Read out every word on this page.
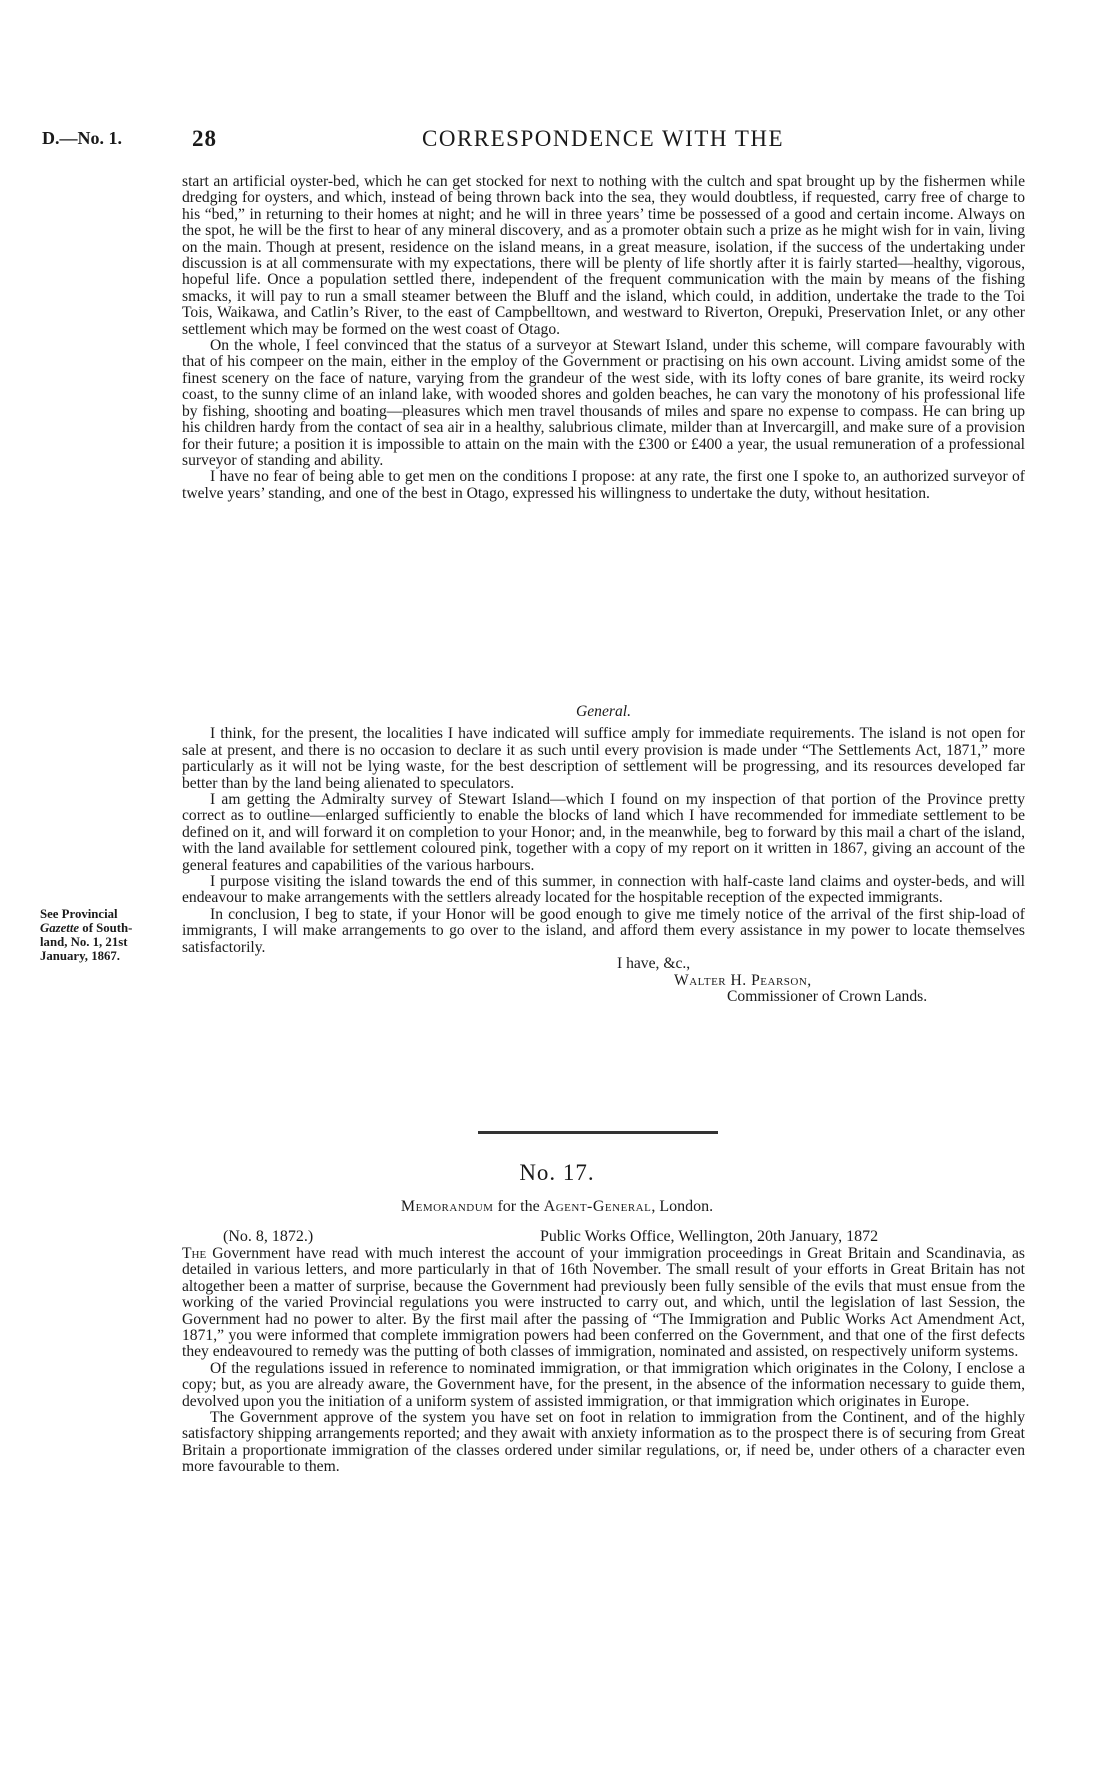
D.—No. 1.	28	CORRESPONDENCE WITH THE

start an artificial oyster-bed, which he can get stocked for next to nothing with the cultch and spat brought up by the fishermen while dredging for oysters, and which, instead of being thrown back into the sea, they would doubtless, if requested, carry free of charge to his “bed,” in returning to their homes at night; and he will in three years’ time be possessed of a good and certain income. Always on the spot, he will be the first to hear of any mineral discovery, and as a promoter obtain such a prize as he might wish for in vain, living on the main. Though at present, residence on the island means, in a great measure, isolation, if the success of the undertaking under discussion is at all commensurate with my expectations, there will be plenty of life shortly after it is fairly started—healthy, vigorous, hopeful life. Once a population settled there, independent of the frequent communication with the main by means of the fishing smacks, it will pay to run a small steamer between the Bluff and the island, which could, in addition, undertake the trade to the Toi Tois, Waikawa, and Catlin’s River, to the east of Campbelltown, and westward to Riverton, Orepuki, Preservation Inlet, or any other settlement which may be formed on the west coast of Otago.

On the whole, I feel convinced that the status of a surveyor at Stewart Island, under this scheme, will compare favourably with that of his compeer on the main, either in the employ of the Government or practising on his own account. Living amidst some of the finest scenery on the face of nature, varying from the grandeur of the west side, with its lofty cones of bare granite, its weird rocky coast, to the sunny clime of an inland lake, with wooded shores and golden beaches, he can vary the monotony of his professional life by fishing, shooting and boating—pleasures which men travel thousands of miles and spare no expense to compass. He can bring up his children hardy from the contact of sea air in a healthy, salubrious climate, milder than at Invercargill, and make sure of a provision for their future; a position it is impossible to attain on the main with the £300 or £400 a year, the usual remuneration of a professional surveyor of standing and ability.

I have no fear of being able to get men on the conditions I propose: at any rate, the first one I spoke to, an authorized surveyor of twelve years’ standing, and one of the best in Otago, expressed his willingness to undertake the duty, without hesitation.

General.

I think, for the present, the localities I have indicated will suffice amply for immediate requirements. The island is not open for sale at present, and there is no occasion to declare it as such until every provision is made under “The Settlements Act, 1871,” more particularly as it will not be lying waste, for the best description of settlement will be progressing, and its resources developed far better than by the land being alienated to speculators.

I am getting the Admiralty survey of Stewart Island—which I found on my inspection of that portion of the Province pretty correct as to outline—enlarged sufficiently to enable the blocks of land which I have recommended for immediate settlement to be defined on it, and will forward it on completion to your Honor; and, in the meanwhile, beg to forward by this mail a chart of the island, with the land available for settlement coloured pink, together with a copy of my report on it written in 1867, giving an account of the general features and capabilities of the various harbours.

I purpose visiting the island towards the end of this summer, in connection with half-caste land claims and oyster-beds, and will endeavour to make arrangements with the settlers already located for the hospitable reception of the expected immigrants.

In conclusion, I beg to state, if your Honor will be good enough to give me timely notice of the arrival of the first ship-load of immigrants, I will make arrangements to go over to the island, and afford them every assistance in my power to locate themselves satisfactorily.

I have, &c.,
Walter H. Pearson,
Commissioner of Crown Lands.
See Provincial
Gazette of South-
land, No. 1, 21st
January, 1867.
No. 17.
Memorandum for the Agent-General, London.
(No. 8, 1872.)	Public Works Office, Wellington, 20th January, 1872

The Government have read with much interest the account of your immigration proceedings in Great Britain and Scandinavia, as detailed in various letters, and more particularly in that of 16th November. The small result of your efforts in Great Britain has not altogether been a matter of surprise, because the Government had previously been fully sensible of the evils that must ensue from the working of the varied Provincial regulations you were instructed to carry out, and which, until the legislation of last Session, the Government had no power to alter. By the first mail after the passing of “The Immigration and Public Works Act Amendment Act, 1871,” you were informed that complete immigration powers had been conferred on the Government, and that one of the first defects they endeavoured to remedy was the putting of both classes of immigration, nominated and assisted, on respectively uniform systems.

Of the regulations issued in reference to nominated immigration, or that immigration which originates in the Colony, I enclose a copy; but, as you are already aware, the Government have, for the present, in the absence of the information necessary to guide them, devolved upon you the initiation of a uniform system of assisted immigration, or that immigration which originates in Europe.

The Government approve of the system you have set on foot in relation to immigration from the Continent, and of the highly satisfactory shipping arrangements reported; and they await with anxiety information as to the prospect there is of securing from Great Britain a proportionate immigration of the classes ordered under similar regulations, or, if need be, under others of a character even more favourable to them.
